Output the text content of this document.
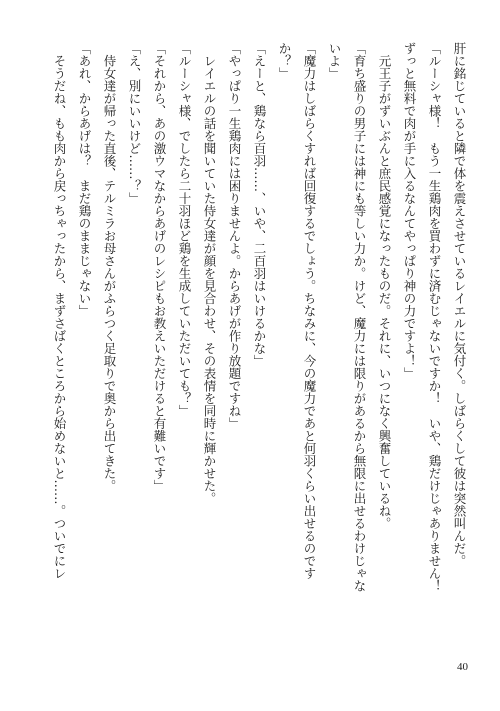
肝に銘じていると隣で体を震えさせているレイエルに気付く。しばらくして彼は突然叫んだ。
「ルーシャ様！　もう一生鶏肉を買わずに済むじゃないですか！　いや、鶏だけじゃありません！
ずっと無料で肉が手に入るなんてやっぱり神の力ですよ！」
　元王子がずいぶんと庶民感覚になったものだ。それに、いつになく興奮しているね。
「育ち盛りの男子には神にも等しい力か。けど、魔力には限りがあるから無限に出せるわけじゃな
いよ」
「魔力はしばらくすれば回復するでしょう。ちなみに、今の魔力であと何羽くらい出せるのです
か？」
「えーと、鶏なら百羽……、いや、二百羽はいけるかな」
「やっぱり一生鶏肉には困りませんよ。からあげが作り放題ですね」
　レイエルの話を聞いていた侍女達が顔を見合わせ、その表情を同時に輝かせた。
「ルーシャ様、でしたら二十羽ほど鶏を生成していただいても？」
「それから、あの激ウマなからあげのレシピもお教えいただけると有難いです」
「え、別にいいけど……？」
　侍女達が帰った直後、テルミラお母さんがふらつく足取りで奥から出てきた。
「あれ、からあげは？　まだ鶏のままじゃない」
　そうだね、もも肉から戻っちゃったから、まずさばくところから始めないと……。ついでにレ
40
